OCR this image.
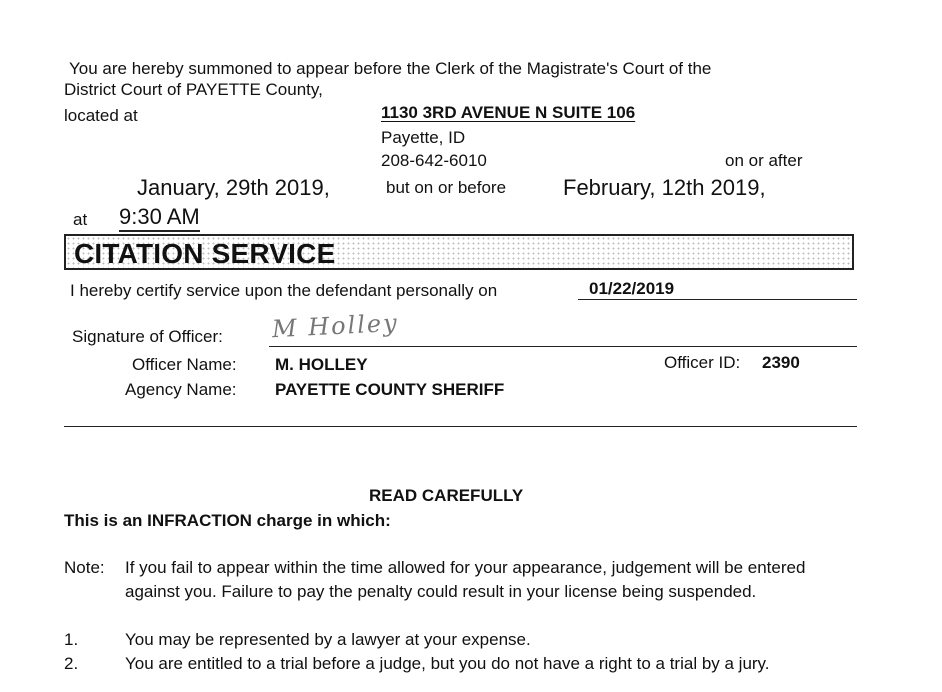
You are hereby summoned to appear before the Clerk of the Magistrate's Court of the
District Court of PAYETTE County,
located at	1130 3RD AVENUE N SUITE 106
Payette, ID
208-642-6010	on or after
January, 29th 2019,	but on or before	February, 12th 2019,
at 9:30 AM
CITATION SERVICE
I hereby certify service upon the defendant personally on	01/22/2019
Signature of Officer: M Holley
Officer Name: M. HOLLEY	Officer ID: 2390
Agency Name: PAYETTE COUNTY SHERIFF
READ CAREFULLY
This is an INFRACTION charge in which:
Note: If you fail to appear within the time allowed for your appearance, judgement will be entered against you. Failure to pay the penalty could result in your license being suspended.
1.	You may be represented by a lawyer at your expense.
2.	You are entitled to a trial before a judge, but you do not have a right to a trial by a jury.
